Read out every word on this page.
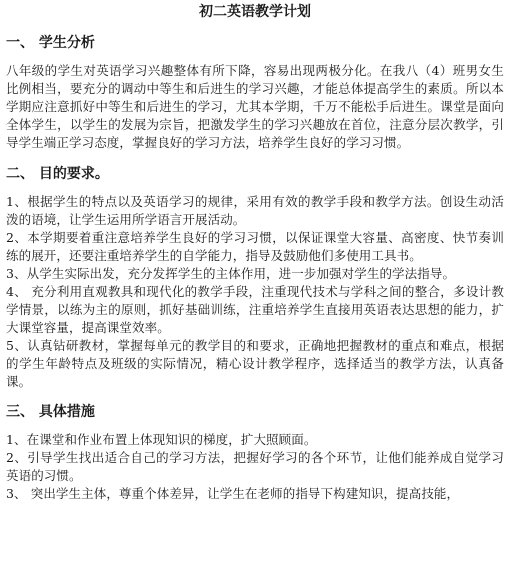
初二英语教学计划
一、 学生分析

八年级的学生对英语学习兴趣整体有所下降，容易出现两极分化。在我八（4）班男女生比例相当，要充分的调动中等生和后进生的学习兴趣，才能总体提高学生的素质。所以本学期应注意抓好中等生和后进生的学习，尤其本学期，千万不能松手后进生。课堂是面向全体学生，以学生的发展为宗旨，把激发学生的学习兴趣放在首位，注意分层次教学，引导学生端正学习态度，掌握良好的学习方法，培养学生良好的学习习惯。

二、 目的要求。

1、根据学生的特点以及英语学习的规律，采用有效的教学手段和教学方法。创设生动活泼的语境，让学生运用所学语言开展活动。

2、本学期要着重注意培养学生良好的学习习惯，以保证课堂大容量、高密度、快节奏训练的展开，还要注重培养学生的自学能力，指导及鼓励他们多使用工具书。

3、从学生实际出发，充分发挥学生的主体作用，进一步加强对学生的学法指导。

4、 充分利用直观教具和现代化的教学手段，注重现代技术与学科之间的整合，多设计教学情景，以练为主的原则，抓好基础训练，注重培养学生直接用英语表达思想的能力，扩大课堂容量，提高课堂效率。

5、认真钻研教材，掌握每单元的教学目的和要求，正确地把握教材的重点和难点，根据的学生年龄特点及班级的实际情况，精心设计教学程序，选择适当的教学方法，认真备课。

三、 具体措施

1、在课堂和作业布置上体现知识的梯度，扩大照顾面。

2、引导学生找出适合自己的学习方法，把握好学习的各个环节，让他们能养成自觉学习英语的习惯。

3、 突出学生主体，尊重个体差异，让学生在老师的指导下构建知识，提高技能，
